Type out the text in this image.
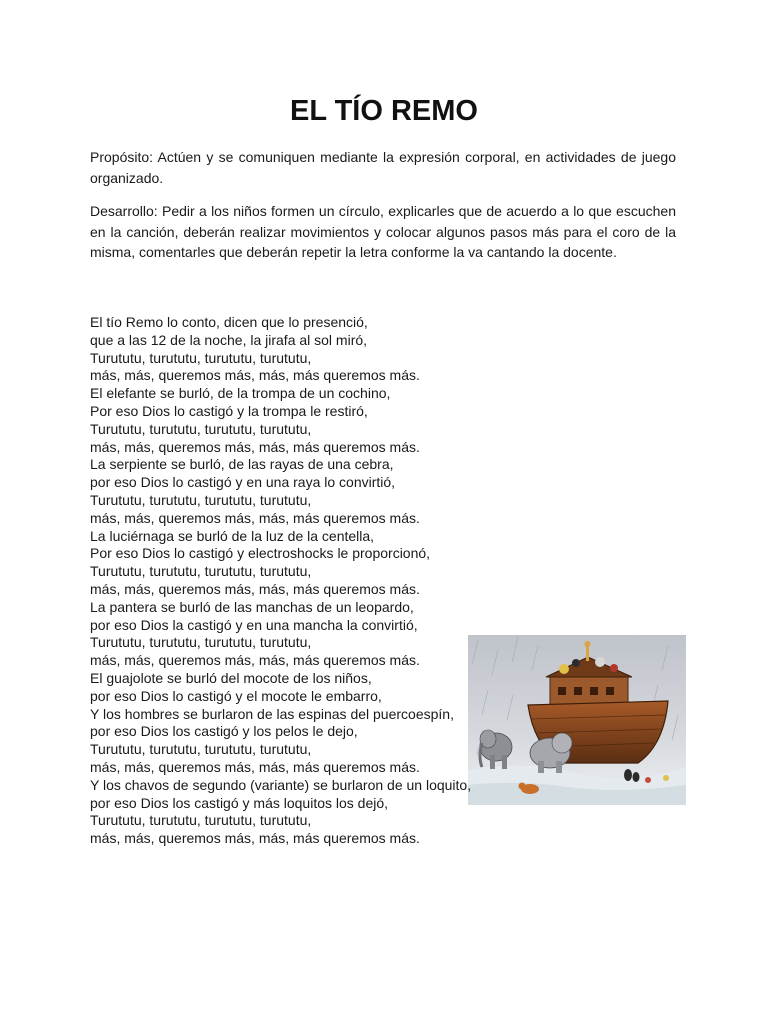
EL TÍO REMO

Propósito: Actúen y se comuniquen mediante la expresión corporal, en actividades de juego organizado.

Desarrollo: Pedir a los niños formen un círculo, explicarles que de acuerdo a lo que escuchen en la canción, deberán realizar movimientos y colocar algunos pasos más para el coro de la misma, comentarles que deberán repetir la letra conforme la va cantando la docente.

El tío Remo lo conto, dicen que lo presenció,
que a las 12 de la noche, la jirafa al sol miró,
Turututu, turututu, turututu, turututu,
más, más, queremos más, más, más queremos más.
El elefante se burló, de la trompa de un cochino,
Por eso Dios lo castigó y la trompa le restiró,
Turututu, turututu, turututu, turututu,
más, más, queremos más, más, más queremos más.
La serpiente se burló, de las rayas de una cebra,
por eso Dios lo castigó y en una raya lo convirtió,
Turututu, turututu, turututu, turututu,
más, más, queremos más, más, más queremos más.
La luciérnaga se burló de la luz de la centella,
Por eso Dios lo castigó y electroshocks le proporcionó,
Turututu, turututu, turututu, turututu,
más, más, queremos más, más, más queremos más.
La pantera se burló de las manchas de un leopardo,
por eso Dios la castigó y en una mancha la convirtió,
Turututu, turututu, turututu, turututu,
más, más, queremos más, más, más queremos más.
El guajolote se burló del mocote de los niños,
por eso Dios lo castigó y el mocote le embarro,
Y los hombres se burlaron de las espinas del puercoespín,
por eso Dios los castigó y los pelos le dejo,
Turututu, turututu, turututu, turututu,
más, más, queremos más, más, más queremos más.
Y los chavos de segundo (variante) se burlaron de un loquito,
por eso Dios los castigó y más loquitos los dejó,
Turututu, turututu, turututu, turututu,
más, más, queremos más, más, más queremos más.
